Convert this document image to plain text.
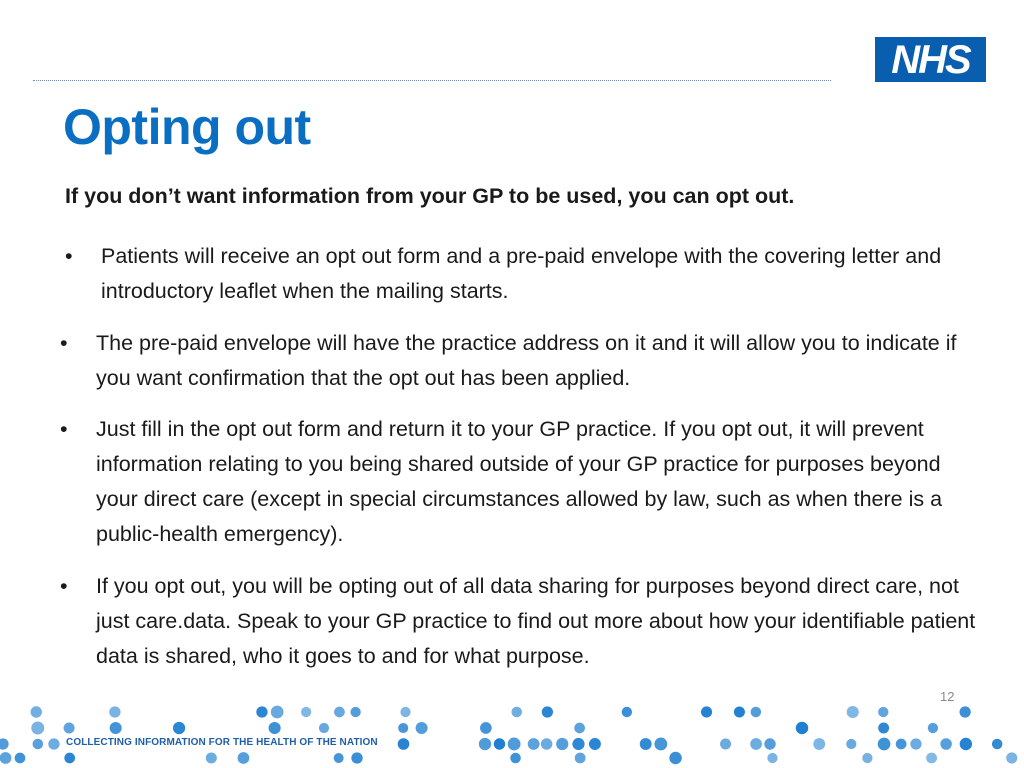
NHS
Opting out

If you don’t want information from your GP to be used, you can opt out.

• Patients will receive an opt out form and a pre-paid envelope with the covering letter and introductory leaflet when the mailing starts.
• The pre-paid envelope will have the practice address on it and it will allow you to indicate if you want confirmation that the opt out has been applied.
• Just fill in the opt out form and return it to your GP practice. If you opt out, it will prevent information relating to you being shared outside of your GP practice for purposes beyond your direct care (except in special circumstances allowed by law, such as when there is a public-health emergency).
• If you opt out, you will be opting out of all data sharing for purposes beyond direct care, not just care.data. Speak to your GP practice to find out more about how your identifiable patient data is shared, who it goes to and for what purpose.
12
COLLECTING INFORMATION FOR THE HEALTH OF THE NATION
